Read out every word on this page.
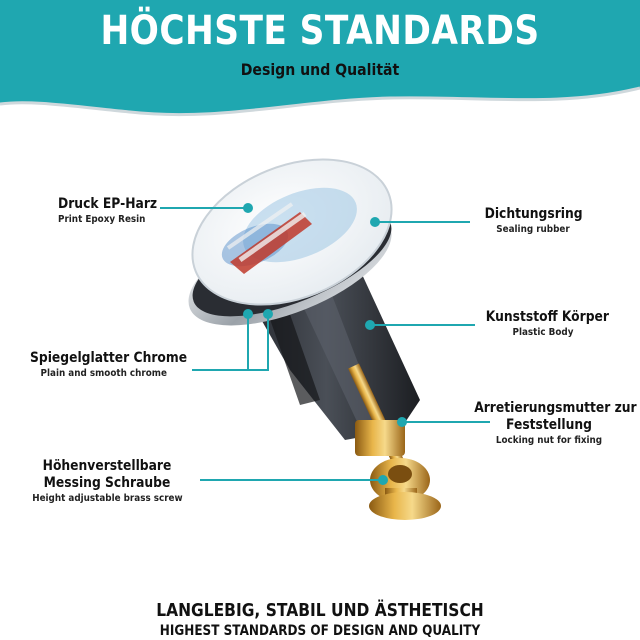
HÖCHSTE STANDARDS
Design und Qualität
Druck EP-Harz
Print Epoxy Resin	Dichtungsring
Sealing rubber
Kunststoff Körper
Plastic Body
Spiegelglatter Chrome
Plain and smooth chrome
Arretierungsmutter zur
Feststellung
Locking nut for fixing
Höhenverstellbare
Messing Schraube
Height adjustable brass screw
LANGLEBIG, STABIL UND ÄSTHETISCH
HIGHEST STANDARDS OF DESIGN AND QUALITY
